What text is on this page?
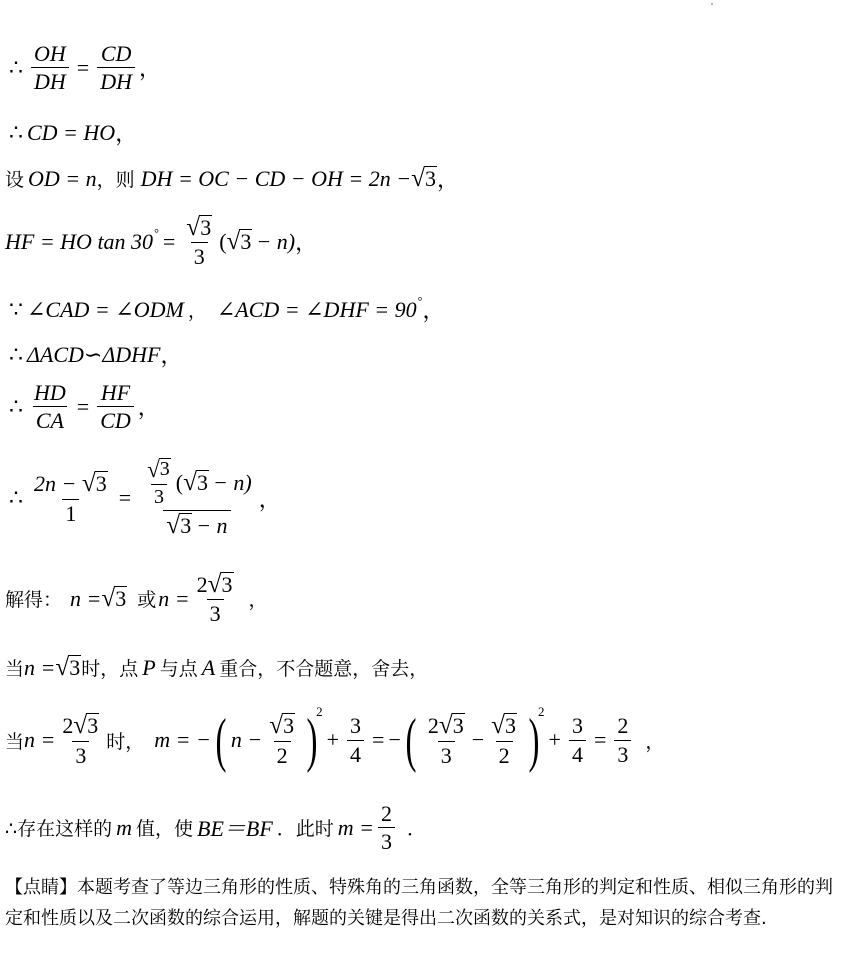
∴ $\frac{OH}{DH} = \frac{CD}{DH}$ ，
∴ CD = HO ，
设 OD = n ， 则 DH = OC − CD − OH = 2n − √ 3 ，
HF = HO tan 30 ° = $\frac{√ 3}{3}$ ( √ 3 − n) ，
∵ ∠CAD = ∠ODM ， ∠ACD = ∠DHF = 90 ° ，
∴ ΔACD∽ΔDHF ，
∴ $\frac{HD}{CA} = \frac{HF}{CD}$ ，
∴ $\frac{2n - √ 3}{1} = \frac{\frac{√ 3}{3} ( √ 3 - n)}{√ 3 - n}$ ，
解得： n = √ 3 或 $n = \frac{2 √ 3}{3}$ ，
当 n = √ 3 时，点 P 与点 A 重合，不合题意，舍去，
当 $n = \frac{2 √ 3}{3}$ 时， m = − ( $n - \frac{√ 3}{2}$ )
2
+ $\frac{3}{4}$ = − ( $\frac{2 √ 3}{3} - \frac{√ 3}{2}$ )
2
+ $\frac{3}{4} = \frac{2}{3}$ ，
∴存在这样的 m 值，使 BE＝BF ．此时 $m = \frac{2}{3}$ ．
【点睛】本题考查了等边三角形的性质、特殊角的三角函数，全等三角形的判定和性质、相似三角形的判定和性质以及二次函数的综合运用，解题的关键是得出二次函数的关系式，是对知识的综合考查.
